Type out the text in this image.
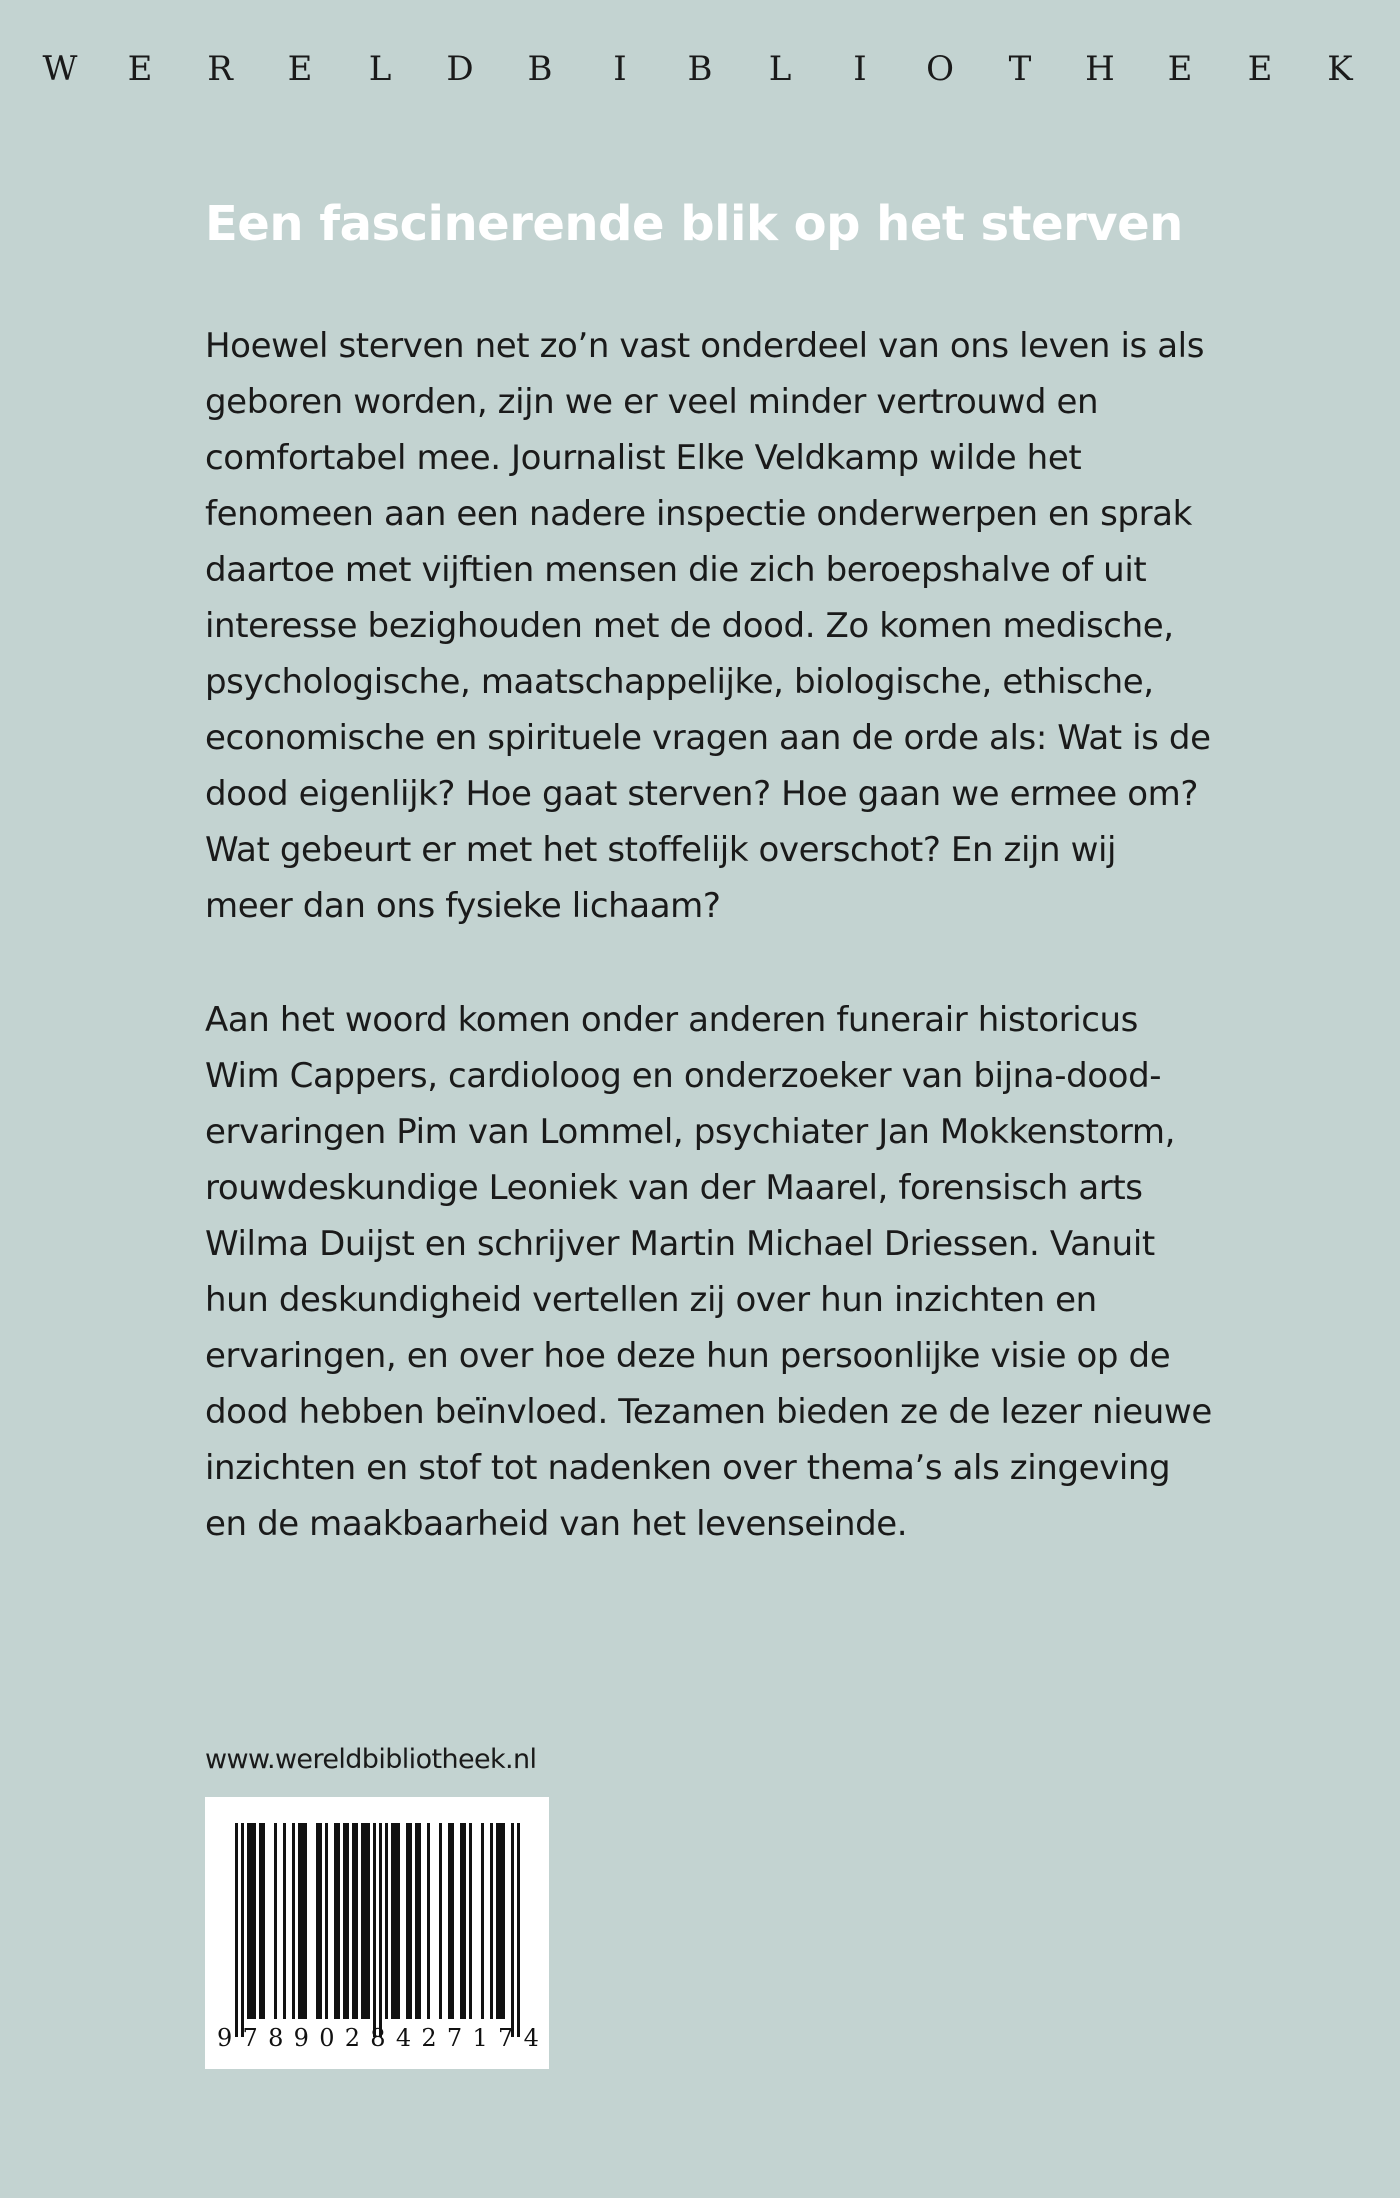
W E R E L D B	I	B L	I	O T H E E K
Een fascinerende blik op het sterven
Hoewel sterven net zo’n vast onderdeel van ons leven is als
geboren worden, zijn we er veel minder vertrouwd en
comfortabel mee. Journalist Elke Veldkamp wilde het
fenomeen aan een nadere inspectie onderwerpen en sprak
daartoe met vijftien mensen die zich beroepshalve of uit
interesse bezighouden met de dood. Zo komen medische,
psychologische, maatschappelijke, biologische, ethische,
economische en spirituele vragen aan de orde als: Wat is de
dood eigenlijk? Hoe gaat sterven? Hoe gaan we ermee om?
Wat gebeurt er met het stoffelijk overschot? En zijn wij
meer dan ons fysieke lichaam?
Aan het woord komen onder anderen funerair historicus
Wim Cappers, cardioloog en onderzoeker van bijna-dood-
ervaringen Pim van Lommel, psychiater Jan Mokkenstorm,
rouwdeskundige Leoniek van der Maarel, forensisch arts
Wilma Duijst en schrijver Martin Michael Driessen. Vanuit
hun deskundigheid vertellen zij over hun inzichten en
ervaringen, en over hoe deze hun persoonlijke visie op de
dood hebben beïnvloed. Tezamen bieden ze de lezer nieuwe
inzichten en stof tot nadenken over thema’s als zingeving
en de maakbaarheid van het levenseinde.
www.wereldbibliotheek.nl
9 7 8 9 0 2 8 4 2 7 1 7 4
